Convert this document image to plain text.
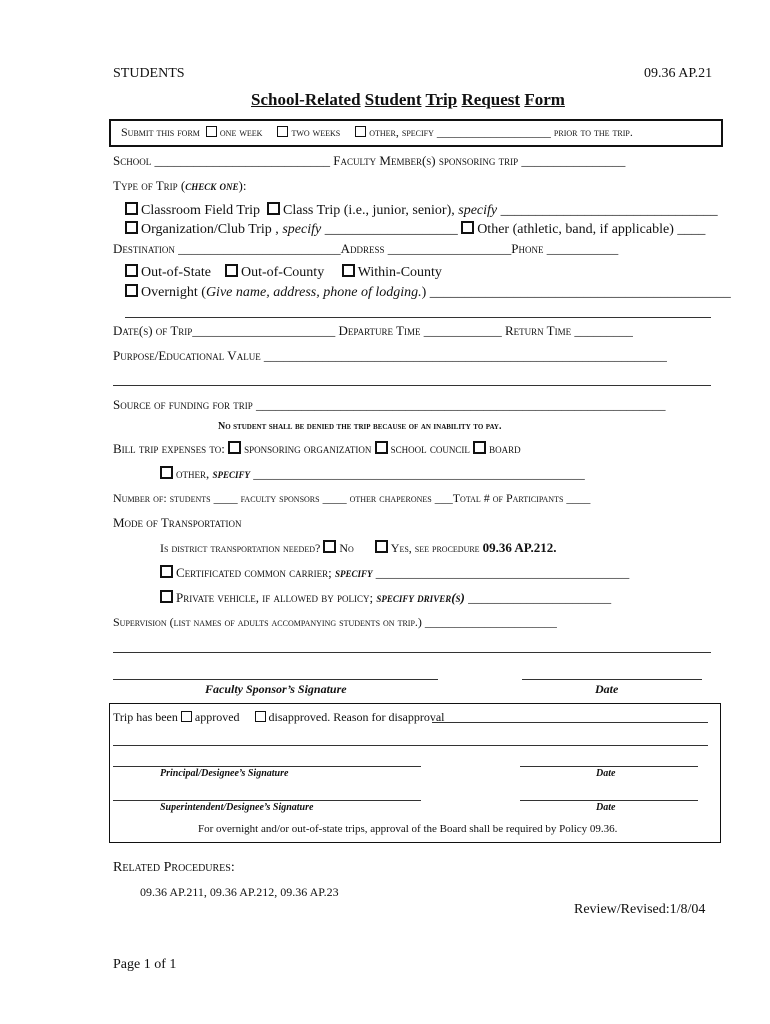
STUDENTS	09.36 AP.21
School-Related Student Trip Request Form
Submit this form one week two weeks other, specify ___________________ prior to the trip.
School ___________________________ Faculty Member(s) sponsoring trip ________________
Type of Trip (check one):
Classroom Field Trip Class Trip (i.e., junior, senior), specify _______________________________
Organization/Club Trip , specify ___________________ Other (athletic, band, if applicable) ____
Destination _________________________Address ___________________Phone ___________
Out-of-State Out-of-County Within-County
Overnight (Give name, address, phone of lodging.) ___________________________________________
Date(s) of Trip______________________ Departure Time ____________ Return Time _________
Purpose/Educational Value ______________________________________________________________
Source of funding for trip _______________________________________________________________
No student shall be denied the trip because of an inability to pay.
Bill trip expenses to: sponsoring organization school council board
other, specify ___________________________________________________
Number of: students ____ faculty sponsors ____ other chaperones ___Total # of Participants ____
Mode of Transportation
Is district transportation needed? No	Yes, see procedure 09.36 AP.212.
Certificated common carrier; specify _______________________________________
Private vehicle, if allowed by policy; specify driver(s) ______________________
Supervision (list names of adults accompanying students on trip.) ______________________
Faculty Sponsor’s Signature	Date
Trip has been approved disapproved. Reason for disapproval
Principal/Designee’s Signature	Date
Superintendent/Designee’s Signature	Date
For overnight and/or out-of-state trips, approval of the Board shall be required by Policy 09.36.
Related Procedures:
09.36 AP.211, 09.36 AP.212, 09.36 AP.23
Review/Revised:1/8/04
Page 1 of 1
